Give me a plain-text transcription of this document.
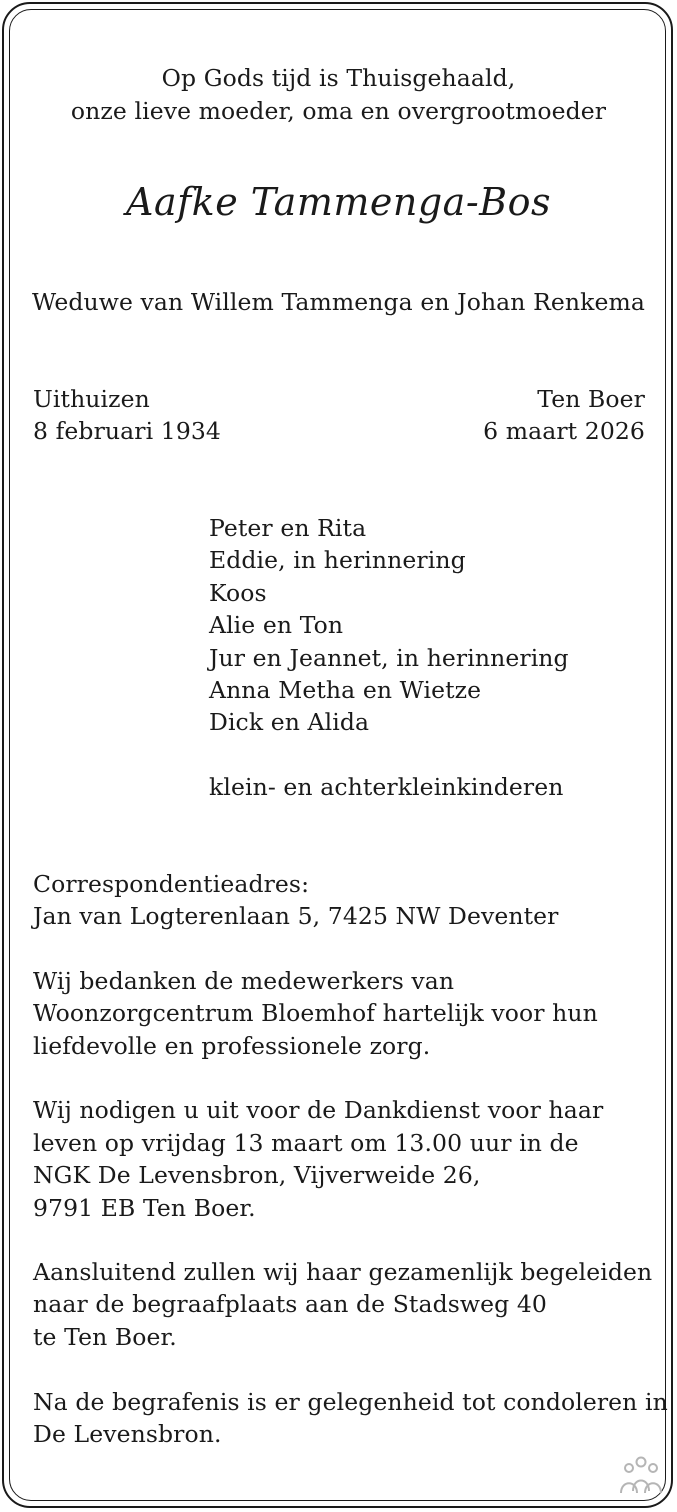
Op Gods tijd is Thuisgehaald,
onze lieve moeder, oma en overgrootmoeder
Aafke Tammenga-Bos
Weduwe van Willem Tammenga en Johan Renkema
Uithuizen
8 februari 1934
Ten Boer
6 maart 2026
Peter en Rita
Eddie, in herinnering
Koos
Alie en Ton
Jur en Jeannet, in herinnering
Anna Metha en Wietze
Dick en Alida
klein- en achterkleinkinderen
Correspondentieadres:
Jan van Logterenlaan 5, 7425 NW Deventer
Wij bedanken de medewerkers van
Woonzorgcentrum Bloemhof hartelijk voor hun
liefdevolle en professionele zorg.
Wij nodigen u uit voor de Dankdienst voor haar
leven op vrijdag 13 maart om 13.00 uur in de
NGK De Levensbron, Vijverweide 26,
9791 EB Ten Boer.
Aansluitend zullen wij haar gezamenlijk begeleiden
naar de begraafplaats aan de Stadsweg 40
te Ten Boer.
Na de begrafenis is er gelegenheid tot condoleren in
De Levensbron.
